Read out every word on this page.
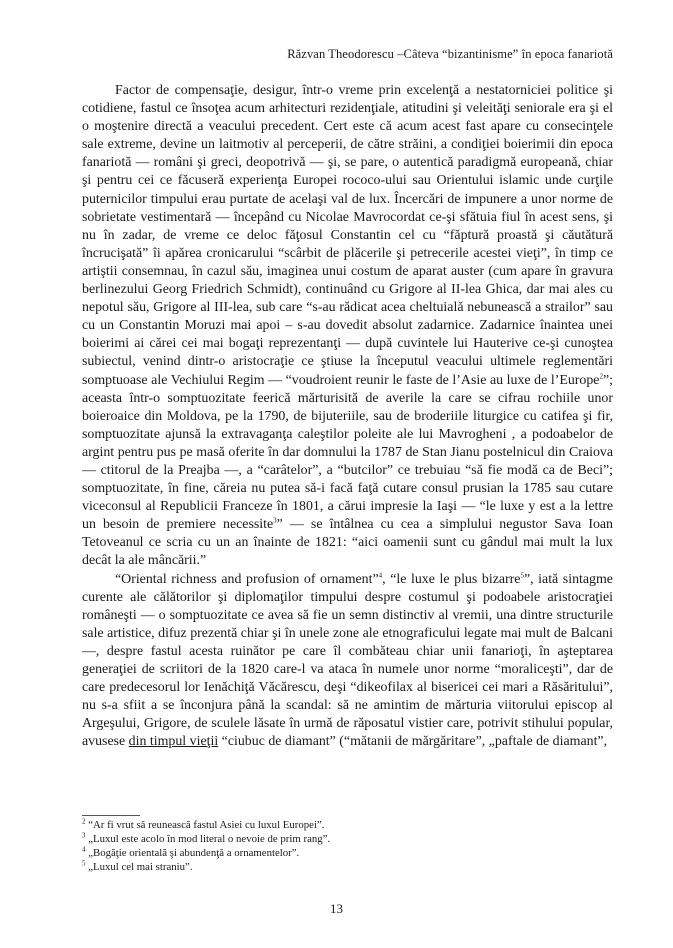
Răzvan Theodorescu –Câteva “bizantinisme” în epoca fanariotă

Factor de compensaţie, desigur, într-o vreme prin excelenţă a nestatorniciei politice şi cotidiene, fastul ce însoţea acum arhitecturi rezidenţiale, atitudini şi veleităţi seniorale era şi el o moştenire directă a veacului precedent. Cert este că acum acest fast apare cu consecinţele sale extreme, devine un laitmotiv al perceperii, de către străini, a condiţiei boierimii din epoca fanariotă — români şi greci, deopotrivă — şi, se pare, o autentică paradigmă europeană, chiar şi pentru cei ce făcuseră experienţa Europei rococo-ului sau Orientului islamic unde curţile puternicilor timpului erau purtate de acelaşi val de lux. Încercări de impunere a unor norme de sobrietate vestimentară — începând cu Nicolae Mavrocordat ce-şi sfătuia fiul în acest sens, şi nu în zadar, de vreme ce deloc făţosul Constantin cel cu “făptură proastă şi căutătură încrucişată” îi apărea cronicarului “scârbit de plăcerile şi petrecerile acestei vieţi”, în timp ce artiştii consemnau, în cazul său, imaginea unui costum de aparat auster (cum apare în gravura berlinezului Georg Friedrich Schmidt), continuând cu Grigore al II-lea Ghica, dar mai ales cu nepotul său, Grigore al III-lea, sub care “s-au rădicat acea cheltuială nebunească a strailor” sau cu un Constantin Moruzi mai apoi – s-au dovedit absolut zadarnice. Zadarnice înaintea unei boierimi ai cărei cei mai bogaţi reprezentanţi — după cuvintele lui Hauterive ce-şi cunoştea subiectul, venind dintr-o aristocraţie ce ştiuse la începutul veacului ultimele reglementări somptuoase ale Vechiului Regim — “voudroient reunir le faste de l’Asie au luxe de l’Europe$^2$”; aceasta într-o somptuozitate feerică mărturisită de averile la care se cifrau rochiile unor boieroaice din Moldova, pe la 1790, de bijuteriile, sau de broderiile liturgice cu catifea şi fir, somptuozitate ajunsă la extravaganţa caleştilor poleite ale lui Mavrogheni , a podoabelor de argint pentru pus pe masă oferite în dar domnului la 1787 de Stan Jianu postelnicul din Craiova — ctitorul de la Preajba —, a “carâtelor”, a “butcilor” ce trebuiau “să fie modă ca de Beci”; somptuozitate, în fine, căreia nu putea să-i facă faţă cutare consul prusian la 1785 sau cutare viceconsul al Republicii Franceze în 1801, a cărui impresie la Iaşi — “le luxe y est a la lettre un besoin de premiere necessite$^3$” — se întâlnea cu cea a simplului negustor Sava Ioan Tetoveanul ce scria cu un an înainte de 1821: “aici oamenii sunt cu gândul mai mult la lux decât la ale mâncării.”

“Oriental richness and profusion of ornament”$^4$, “le luxe le plus bizarre$^5$”, iată sintagme curente ale călătorilor şi diplomaţilor timpului despre costumul şi podoabele aristocraţiei româneşti — o somptuozitate ce avea să fie un semn distinctiv al vremii, una dintre structurile sale artistice, difuz prezentă chiar şi în unele zone ale etnograficului legate mai mult de Balcani —, despre fastul acesta ruinător pe care îl combăteau chiar unii fanarioţi, în aşteptarea generaţiei de scriitori de la 1820 care-l va ataca în numele unor norme “moraliceşti”, dar de care predecesorul lor Ienăchiţă Văcărescu, deşi “dikeofilax al bisericei cei mari a Răsăritului”, nu s-a sfiit a se înconjura până la scandal: să ne amintim de mărturia viitorului episcop al Argeşului, Grigore, de sculele lăsate în urmă de răposatul vistier care, potrivit stihului popular, avusese din timpul vieţii “ciubuc de diamant” (“mătanii de mărgăritare”, „paftale de diamant”,

$^2$ “Ar fi vrut să reunească fastul Asiei cu luxul Europei”.
$^3$ „Luxul este acolo în mod literal o nevoie de prim rang”.
$^4$ „Bogăţie orientală şi abundenţă a ornamentelor”.
$^5$ „Luxul cel mai straniu”.
13
